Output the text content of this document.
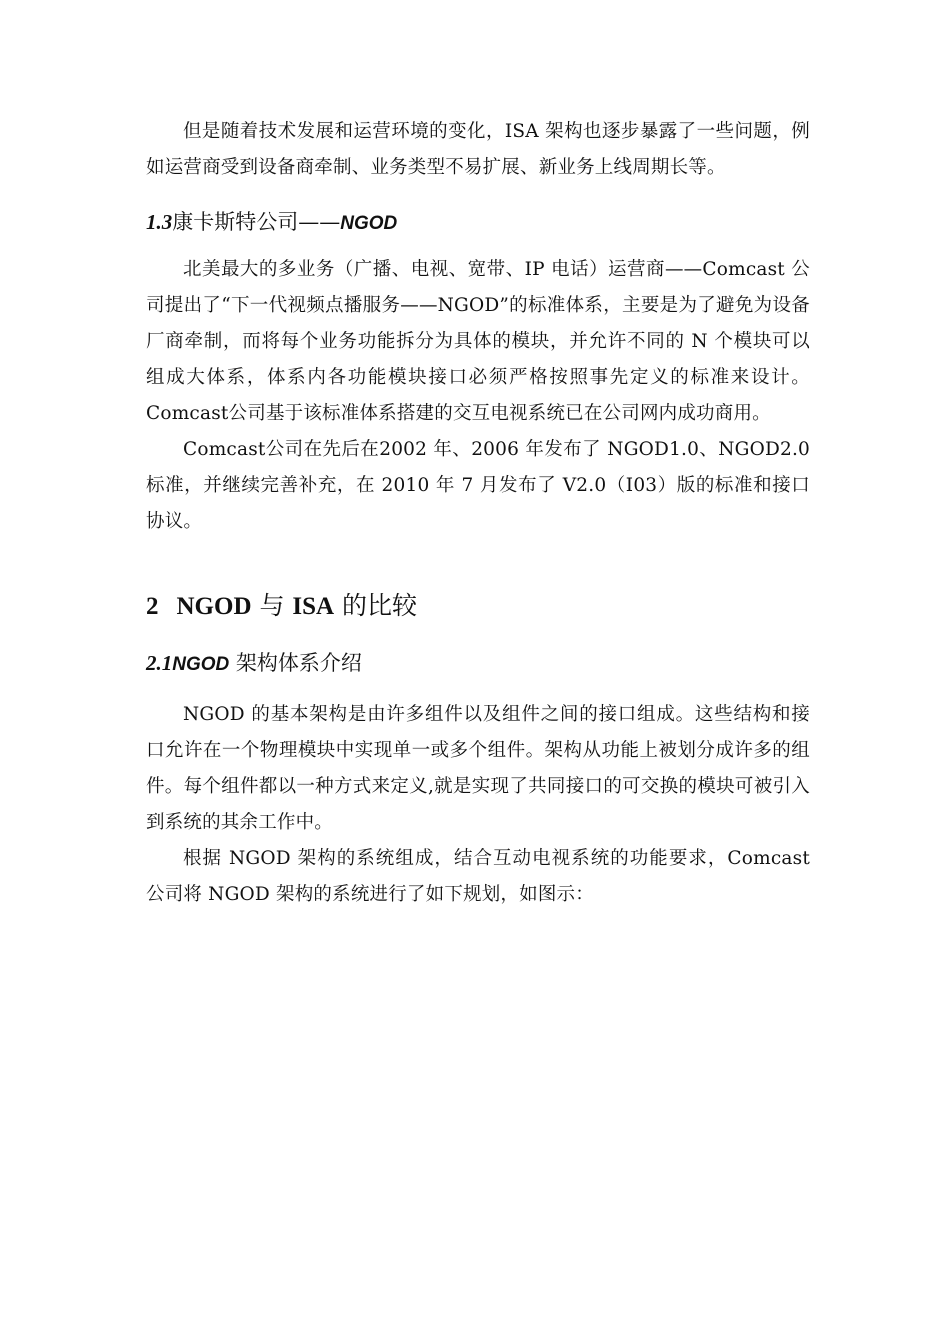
但是随着技术发展和运营环境的变化，ISA 架构也逐步暴露了一些问题，例如运营商受到设备商牵制、业务类型不易扩展、新业务上线周期长等。

1.3康卡斯特公司——NGOD

北美最大的多业务（广播、电视、宽带、IP 电话）运营商——Comcast 公司提出了“下一代视频点播服务——NGOD”的标准体系，主要是为了避免为设备厂商牵制，而将每个业务功能拆分为具体的模块，并允许不同的 N 个模块可以组成大体系，体系内各功能模块接口必须严格按照事先定义的标准来设计。Comcast公司基于该标准体系搭建的交互电视系统已在公司网内成功商用。

Comcast公司在先后在2002 年、2006 年发布了 NGOD1.0、NGOD2.0 标准，并继续完善补充，在 2010 年 7 月发布了 V2.0（I03）版的标准和接口协议。

2 NGOD 与 ISA 的比较
2.1NGOD 架构体系介绍

NGOD 的基本架构是由许多组件以及组件之间的接口组成。这些结构和接口允许在一个物理模块中实现单一或多个组件。架构从功能上被划分成许多的组件。每个组件都以一种方式来定义,就是实现了共同接口的可交换的模块可被引入到系统的其余工作中。

根据 NGOD 架构的系统组成，结合互动电视系统的功能要求，Comcast 公司将 NGOD 架构的系统进行了如下规划，如图示：
